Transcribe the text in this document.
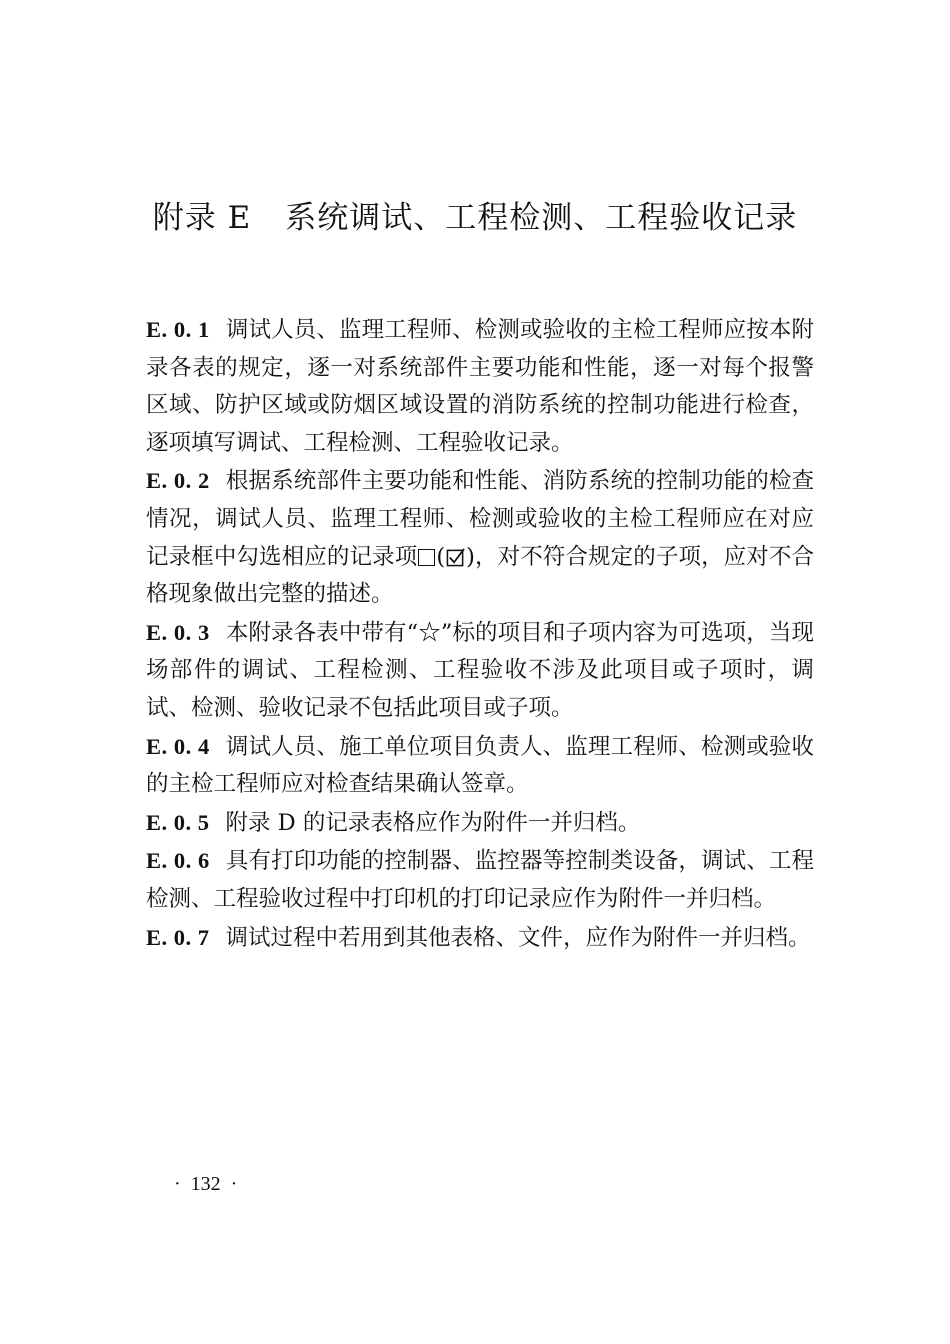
附录 E 系统调试、工程检测、工程验收记录

E. 0. 1 调试人员、监理工程师、检测或验收的主检工程师应按本附录各表的规定，逐一对系统部件主要功能和性能，逐一对每个报警区域、防护区域或防烟区域设置的消防系统的控制功能进行检查，逐项填写调试、工程检测、工程验收记录。

E. 0. 2 根据系统部件主要功能和性能、消防系统的控制功能的检查情况，调试人员、监理工程师、检测或验收的主检工程师应在对应记录框中勾选相应的记录项 ( )，对不符合规定的子项，应对不合格现象做出完整的描述。

E. 0. 3 本附录各表中带有“☆”标的项目和子项内容为可选项，当现场部件的调试、工程检测、工程验收不涉及此项目或子项时，调试、检测、验收记录不包括此项目或子项。

E. 0. 4 调试人员、施工单位项目负责人、监理工程师、检测或验收的主检工程师应对检查结果确认签章。

E. 0. 5 附录 D 的记录表格应作为附件一并归档。

E. 0. 6 具有打印功能的控制器、监控器等控制类设备，调试、工程检测、工程验收过程中打印机的打印记录应作为附件一并归档。

E. 0. 7 调试过程中若用到其他表格、文件，应作为附件一并归档。

· 132 ·
